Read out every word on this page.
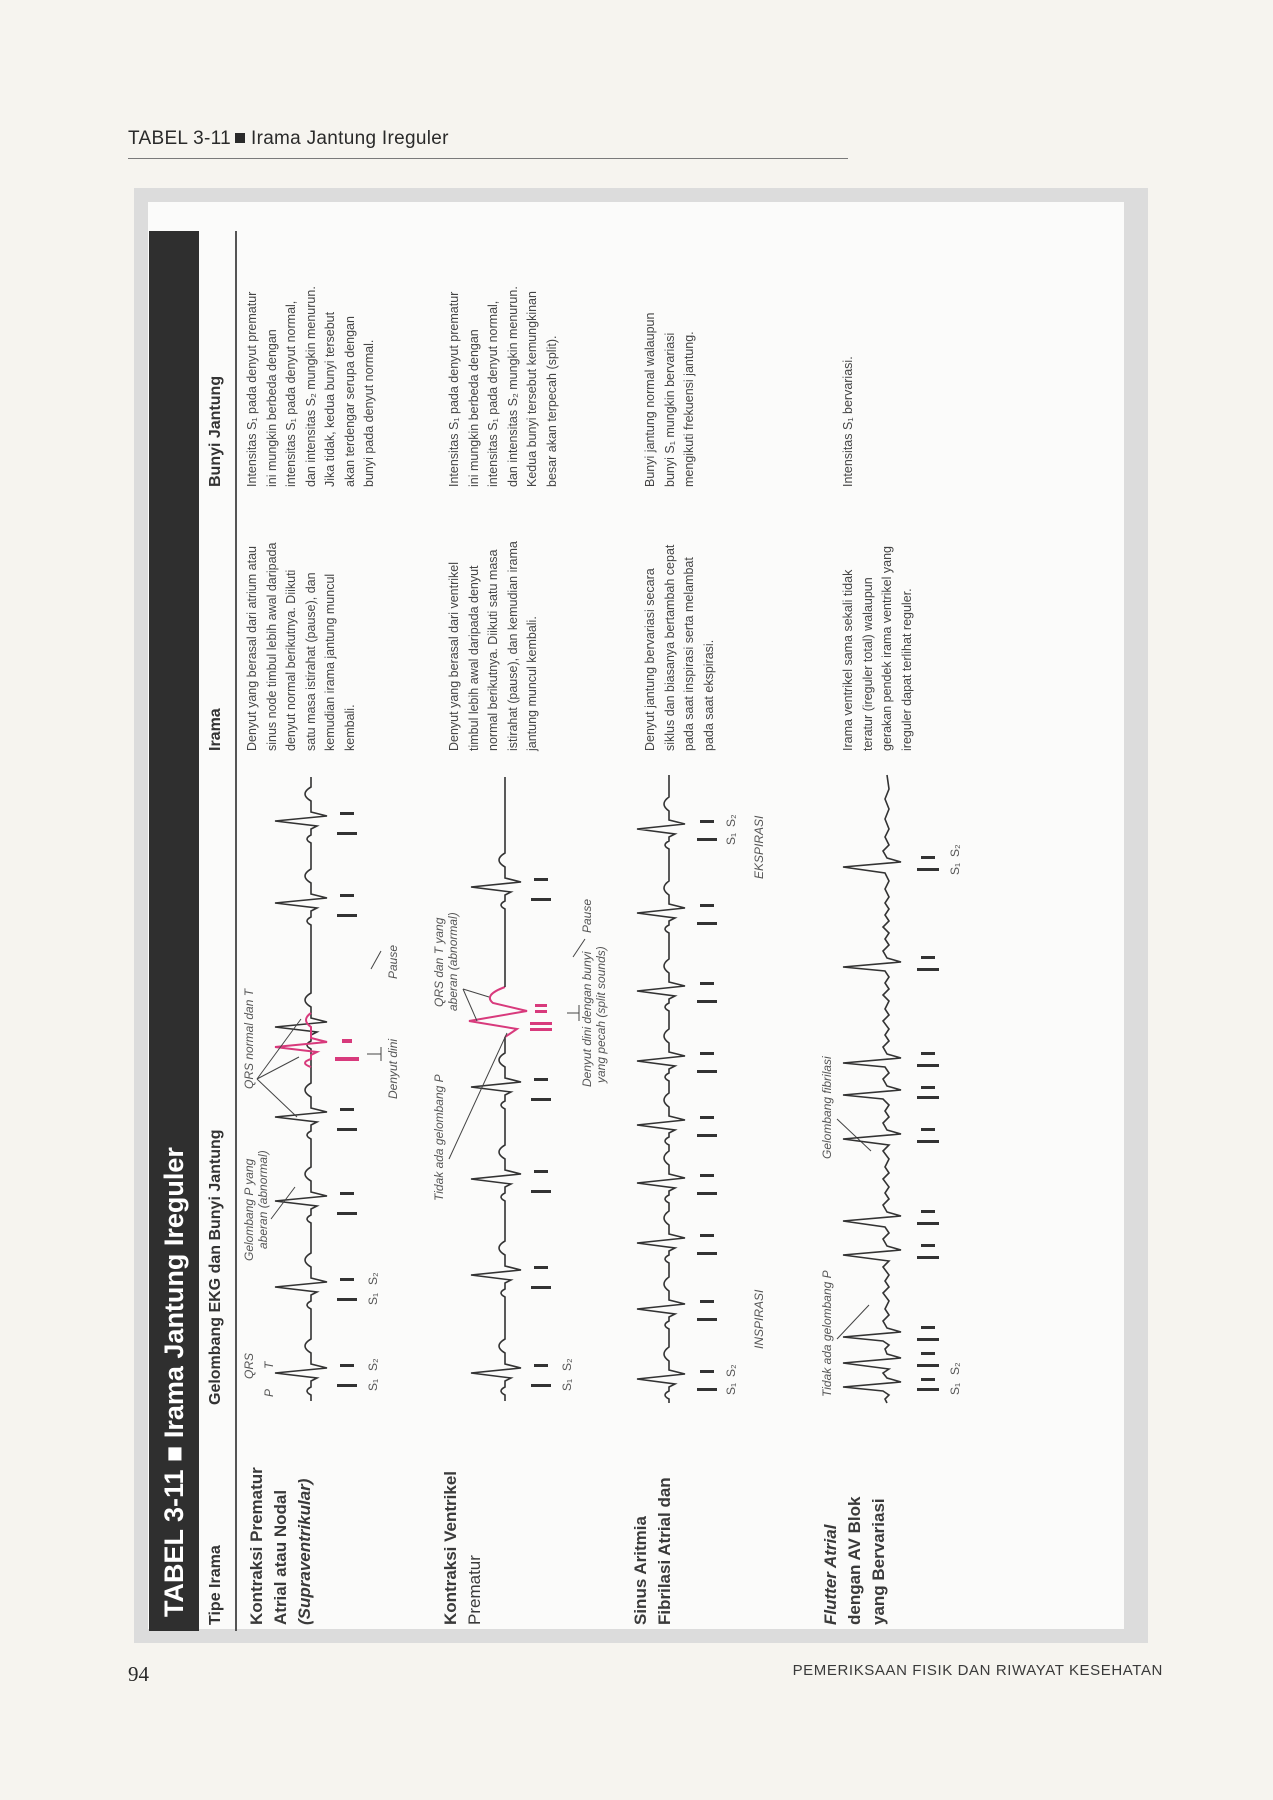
TABEL 3-11 Irama Jantung Ireguler
TABEL 3-11 ■ Irama Jantung Ireguler	Tipe Irama
Gelombang EKG dan Bunyi Jantung
Irama
Bunyi Jantung
Kontraksi Prematur Atrial atau Nodal (Supraventrikular)
Denyut yang berasal dari atrium atau sinus node timbul lebih awal daripada denyut normal berikutnya. Diikuti satu masa istirahat (pause), dan kemudian irama jantung muncul kembali.
Intensitas S₁ pada denyut prematur ini mungkin berbeda dengan intensitas S₁ pada denyut normal, dan intensitas S₂ mungkin menurun. Jika tidak, kedua bunyi tersebut akan terdengar serupa dengan bunyi pada denyut normal.
QRS
P
T
Gelombang P yang aberan (abnormal)
QRS normal dan T
S₁
S₂
S₁
S₂
Denyut dini
Pause
Kontraksi Ventrikel Prematur
Denyut yang berasal dari ventrikel timbul lebih awal daripada denyut normal berikutnya. Diikuti satu masa istirahat (pause), dan kemudian irama jantung muncul kembali.
Intensitas S₁ pada denyut prematur ini mungkin berbeda dengan intensitas S₁ pada denyut normal, dan intensitas S₂ mungkin menurun. Kedua bunyi tersebut kemungkinan besar akan terpecah (split).
Tidak ada gelombang P
QRS dan T yang aberan (abnormal)
S₁
S₂
Denyut dini dengan bunyi yang pecah (split sounds)
Pause
Sinus Aritmia Fibrilasi Atrial dan
Denyut jantung bervariasi secara siklus dan biasanya bertambah cepat pada saat inspirasi serta melambat pada saat ekspirasi.
Bunyi jantung normal walaupun bunyi S₁ mungkin bervariasi mengikuti frekuensi jantung.
S₁
S₂
S₁
S₂
INSPIRASI
EKSPIRASI
Flutter Atrial dengan AV Blok yang Bervariasi
Irama ventrikel sama sekali tidak teratur (ireguler total) walaupun gerakan pendek irama ventrikel yang ireguler dapat terlihat reguler.
Intensitas S₁ bervariasi.
Tidak ada gelombang P
Gelombang fibrilasi
S₁
S₂
S₁
S₂
94	PEMERIKSAAN FISIK DAN RIWAYAT KESEHATAN
